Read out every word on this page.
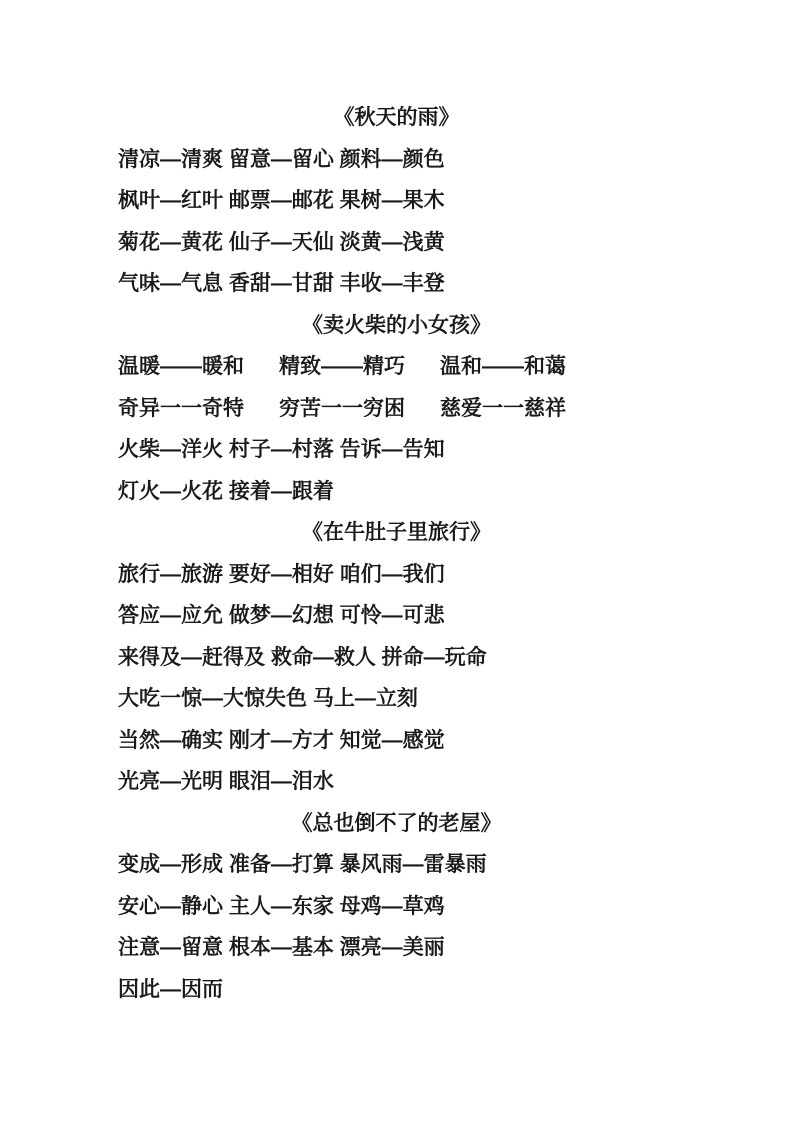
《秋天的雨》
清凉—清爽 留意—留心 颜料—颜色
枫叶—红叶 邮票—邮花 果树—果木
菊花—黄花 仙子—天仙 淡黄—浅黄
气味—气息 香甜—甘甜 丰收—丰登
《卖火柴的小女孩》
温暖——暖和      精致——精巧      温和——和蔼
奇异一一奇特      穷苦一一穷困      慈爱一一慈祥
火柴—洋火 村子—村落 告诉—告知
灯火—火花 接着—跟着
《在牛肚子里旅行》
旅行—旅游 要好—相好 咱们—我们
答应—应允 做梦—幻想 可怜—可悲
来得及—赶得及 救命—救人 拼命—玩命
大吃一惊—大惊失色 马上—立刻
当然—确实 刚才—方才 知觉—感觉
光亮—光明 眼泪—泪水
《总也倒不了的老屋》
变成—形成 准备—打算 暴风雨—雷暴雨
安心—静心 主人—东家 母鸡—草鸡
注意—留意 根本—基本 漂亮—美丽
因此—因而
